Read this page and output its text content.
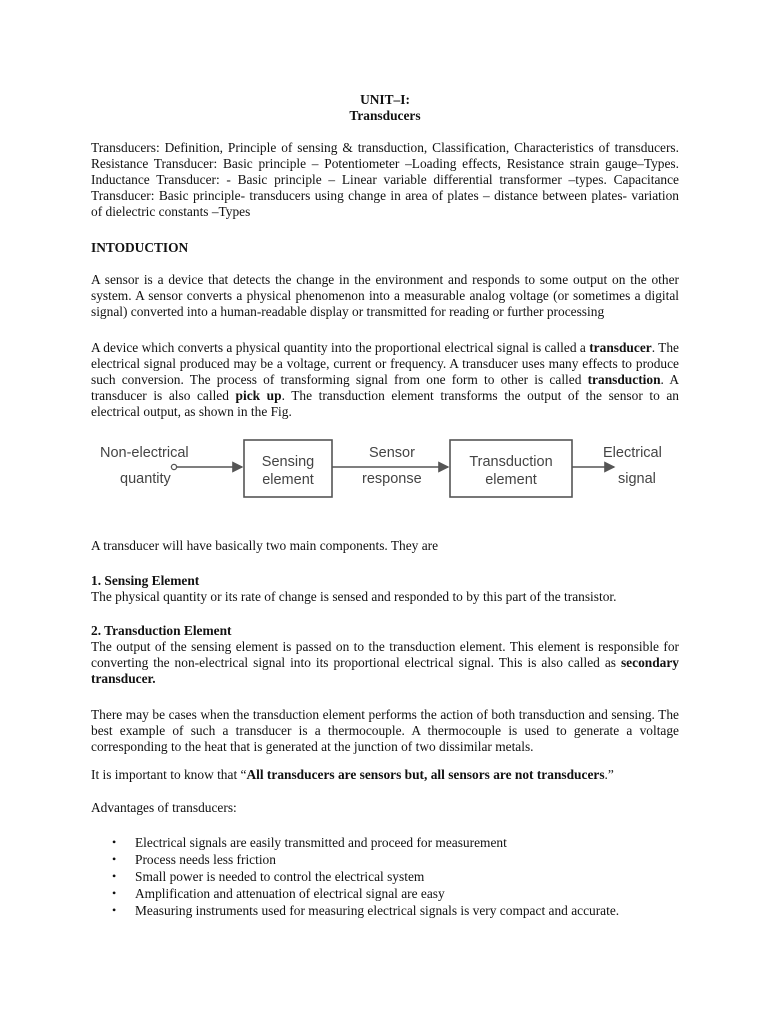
UNIT–I:
Transducers

Transducers: Definition, Principle of sensing & transduction, Classification, Characteristics of transducers. Resistance Transducer: Basic principle – Potentiometer –Loading effects, Resistance strain gauge–Types. Inductance Transducer: - Basic principle – Linear variable differential transformer –types. Capacitance Transducer: Basic principle- transducers using change in area of plates – distance between plates- variation of dielectric constants –Types

INTODUCTION

A sensor is a device that detects the change in the environment and responds to some output on the other system. A sensor converts a physical phenomenon into a measurable analog voltage (or sometimes a digital signal) converted into a human-readable display or transmitted for reading or further processing

A device which converts a physical quantity into the proportional electrical signal is called a transducer. The electrical signal produced may be a voltage, current or frequency. A transducer uses many effects to produce such conversion. The process of transforming signal from one form to other is called transduction. A transducer is also called pick up. The transduction element transforms the output of the sensor to an electrical output, as shown in the Fig.

Non-electrical
quantity
Sensing
element
Sensor
response
Transduction
element
Electrical
signal
A transducer will have basically two main components. They are
1. Sensing Element
The physical quantity or its rate of change is sensed and responded to by this part of the transistor.
2. Transduction Element

The output of the sensing element is passed on to the transduction element. This element is responsible for converting the non-electrical signal into its proportional electrical signal. This is also called as secondary transducer.

There may be cases when the transduction element performs the action of both transduction and sensing. The best example of such a transducer is a thermocouple. A thermocouple is used to generate a voltage corresponding to the heat that is generated at the junction of two dissimilar metals.

It is important to know that “All transducers are sensors but, all sensors are not transducers.”

Advantages of transducers:
• Electrical signals are easily transmitted and proceed for measurement
• Process needs less friction
• Small power is needed to control the electrical system
• Amplification and attenuation of electrical signal are easy
• Measuring instruments used for measuring electrical signals is very compact and accurate.
